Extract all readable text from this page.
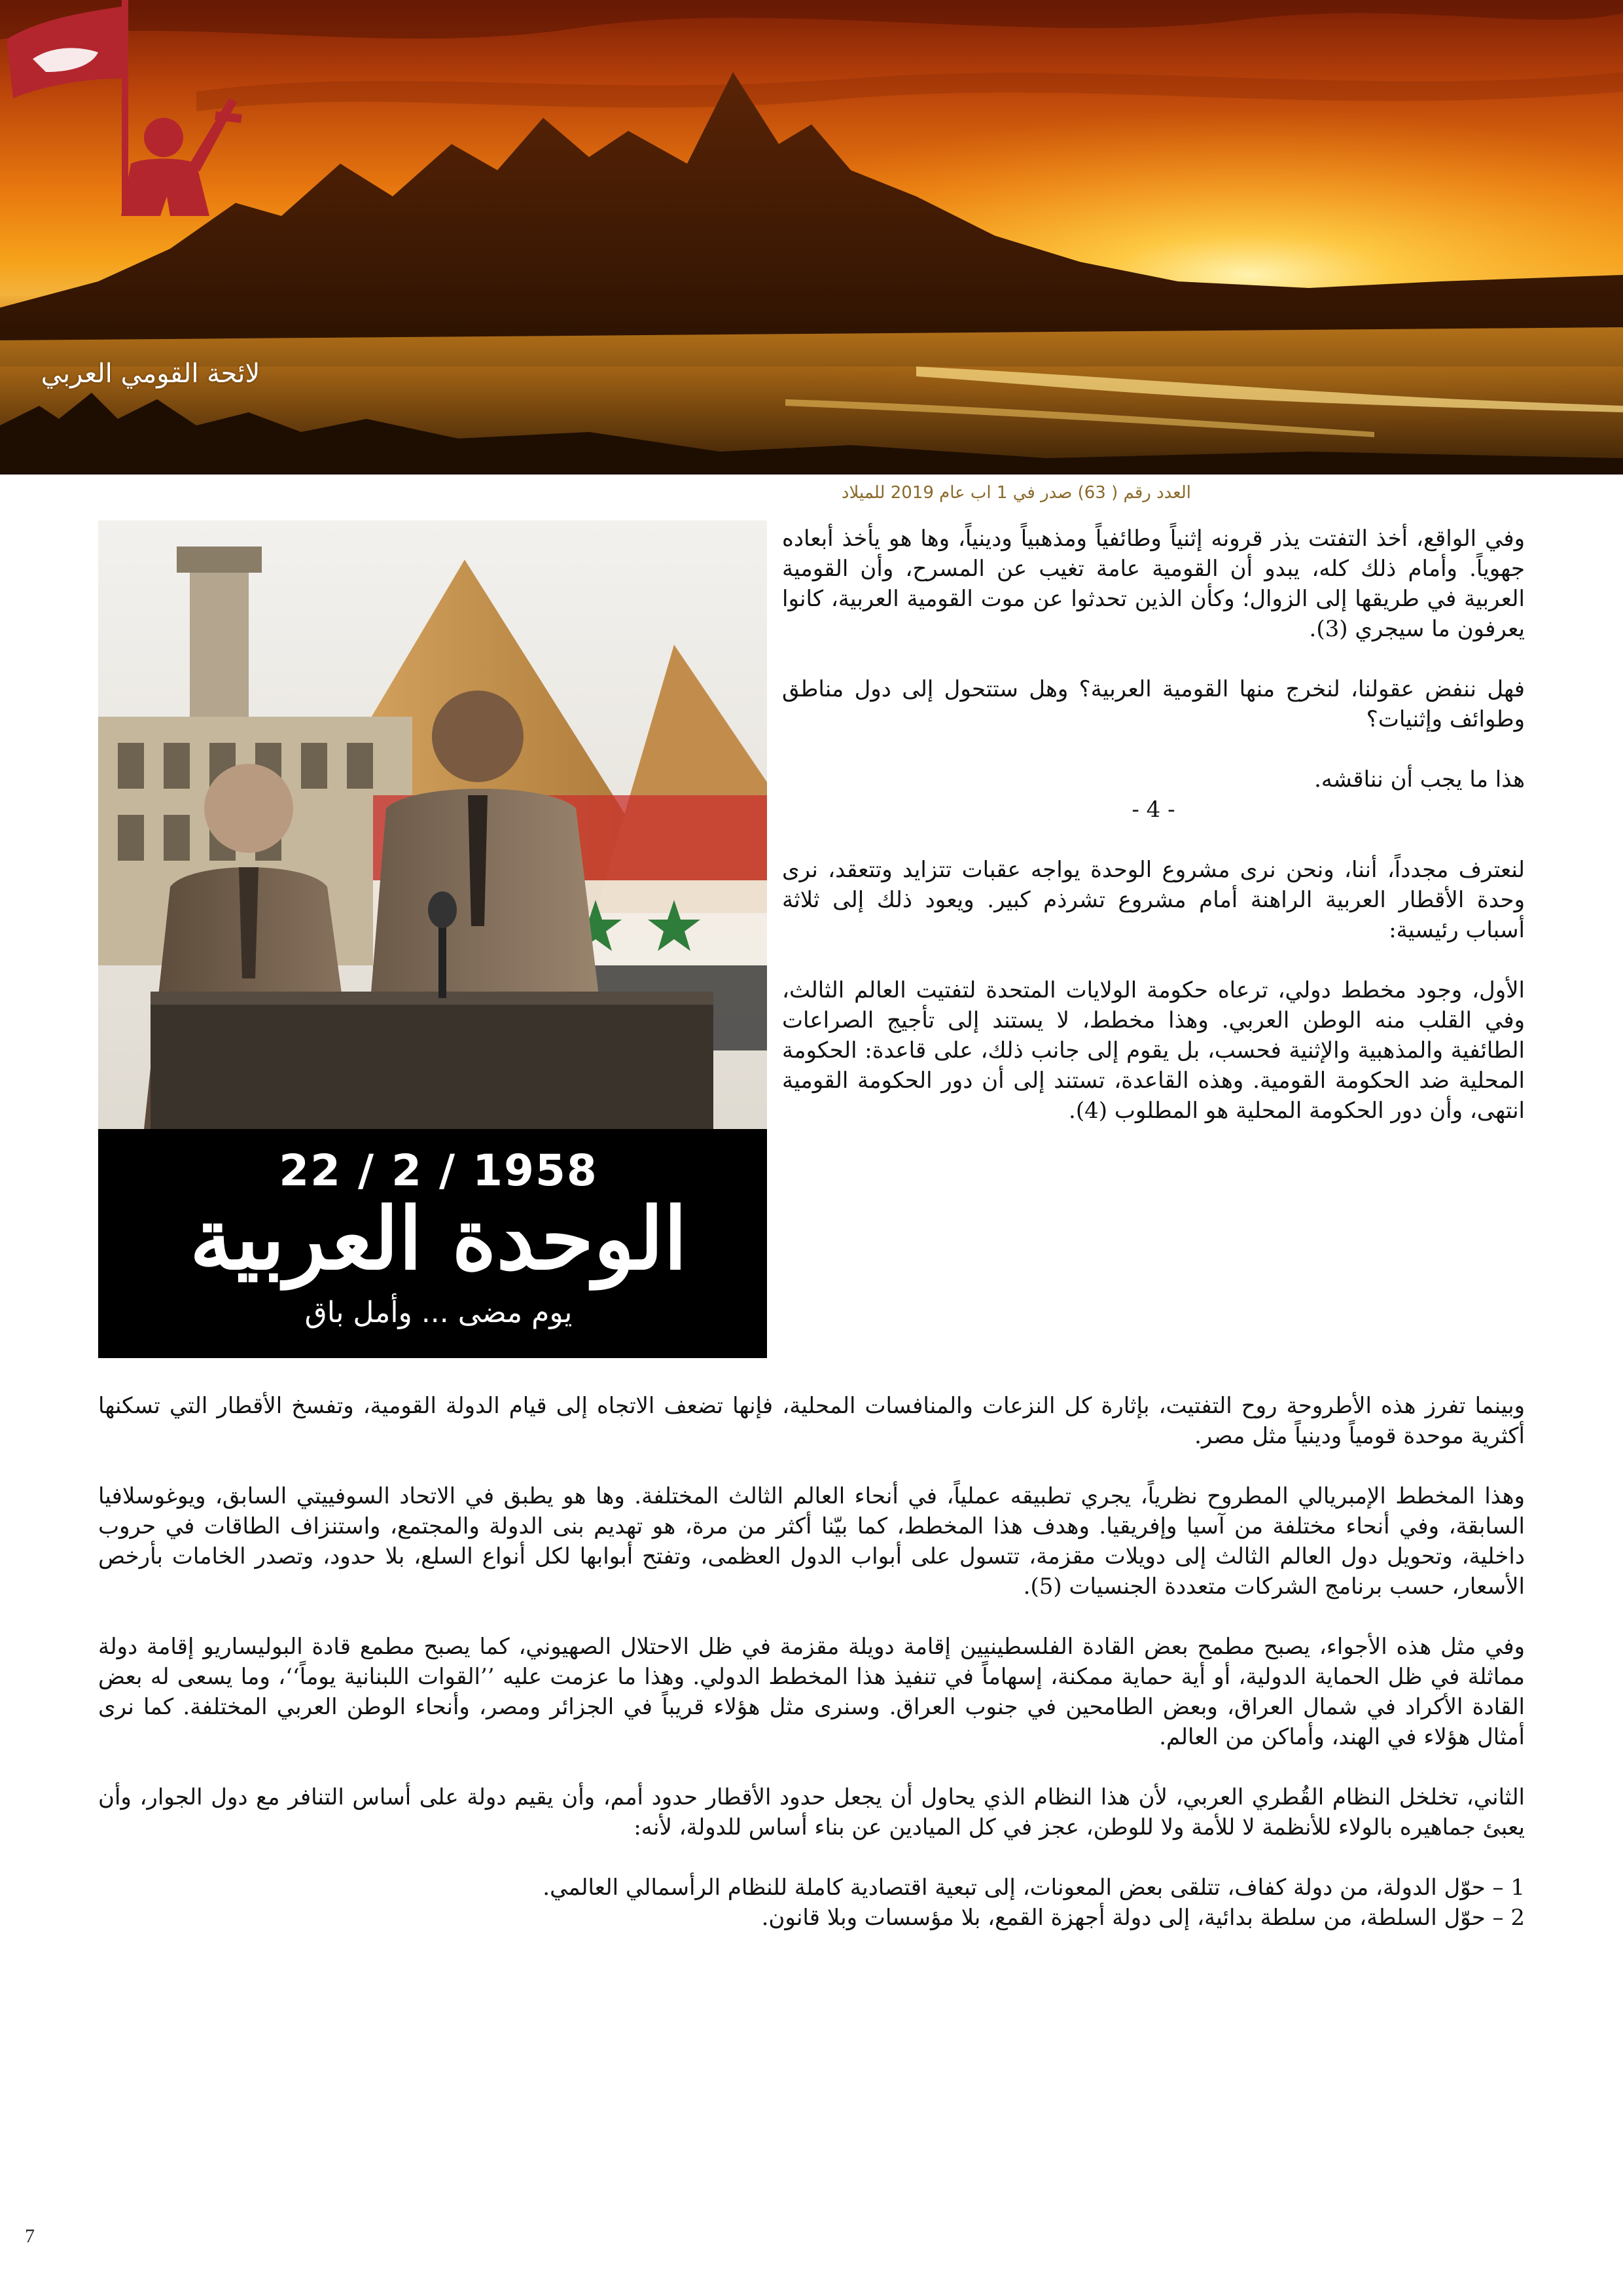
لائحة القومي العربي
العدد رقم ( 63) صدر في 1 اب عام 2019 للميلاد
22 / 2 / 1958
الوحدة العربية
يوم مضى ... وأمل باق

وفي الواقع، أخذ التفتت يذر قرونه إثنياً وطائفياً ومذهبياً ودينياً، وها هو يأخذ أبعاده جهوياً. وأمام ذلك كله، يبدو أن القومية عامة تغيب عن المسرح، وأن القومية العربية في طريقها إلى الزوال؛ وكأن الذين تحدثوا عن موت القومية العربية، كانوا يعرفون ما سيجري (3).

فهل ننفض عقولنا، لنخرج منها القومية العربية؟ وهل ستتحول إلى دول مناطق وطوائف وإثنيات؟

هذا ما يجب أن نناقشه.

- 4 -

لنعترف مجدداً، أننا، ونحن نرى مشروع الوحدة يواجه عقبات تتزايد وتتعقد، نرى وحدة الأقطار العربية الراهنة أمام مشروع تشرذم كبير. ويعود ذلك إلى ثلاثة أسباب رئيسية:

الأول، وجود مخطط دولي، ترعاه حكومة الولايات المتحدة لتفتيت العالم الثالث، وفي القلب منه الوطن العربي. وهذا مخطط، لا يستند إلى تأجيج الصراعات الطائفية والمذهبية والإثنية فحسب، بل يقوم إلى جانب ذلك، على قاعدة: الحكومة المحلية ضد الحكومة القومية. وهذه القاعدة، تستند إلى أن دور الحكومة القومية انتهى، وأن دور الحكومة المحلية هو المطلوب (4).

وبينما تفرز هذه الأطروحة روح التفتيت، بإثارة كل النزعات والمنافسات المحلية، فإنها تضعف الاتجاه إلى قيام الدولة القومية، وتفسخ الأقطار التي تسكنها أكثرية موحدة قومياً ودينياً مثل مصر.

وهذا المخطط الإمبريالي المطروح نظرياً، يجري تطبيقه عملياً، في أنحاء العالم الثالث المختلفة. وها هو يطبق في الاتحاد السوفييتي السابق، ويوغوسلافيا السابقة، وفي أنحاء مختلفة من آسيا وإفريقيا. وهدف هذا المخطط، كما بيّنا أكثر من مرة، هو تهديم بنى الدولة والمجتمع، واستنزاف الطاقات في حروب داخلية، وتحويل دول العالم الثالث إلى دويلات مقزمة، تتسول على أبواب الدول العظمى، وتفتح أبوابها لكل أنواع السلع، بلا حدود، وتصدر الخامات بأرخص الأسعار، حسب برنامج الشركات متعددة الجنسيات (5).

وفي مثل هذه الأجواء، يصبح مطمح بعض القادة الفلسطينيين إقامة دويلة مقزمة في ظل الاحتلال الصهيوني، كما يصبح مطمع قادة البوليساريو إقامة دولة مماثلة في ظل الحماية الدولية، أو أية حماية ممكنة، إسهاماً في تنفيذ هذا المخطط الدولي. وهذا ما عزمت عليه ’’القوات اللبنانية يوماً‘‘، وما يسعى له بعض القادة الأكراد في شمال العراق، وبعض الطامحين في جنوب العراق. وسنرى مثل هؤلاء قريباً في الجزائر ومصر، وأنحاء الوطن العربي المختلفة. كما نرى أمثال هؤلاء في الهند، وأماكن من العالم.

الثاني، تخلخل النظام القُطري العربي، لأن هذا النظام الذي يحاول أن يجعل حدود الأقطار حدود أمم، وأن يقيم دولة على أساس التنافر مع دول الجوار، وأن يعبئ جماهيره بالولاء للأنظمة لا للأمة ولا للوطن، عجز في كل الميادين عن بناء أساس للدولة، لأنه:

1 – حوّل الدولة، من دولة كفاف، تتلقى بعض المعونات، إلى تبعية اقتصادية كاملة للنظام الرأسمالي العالمي.
2 – حوّل السلطة، من سلطة بدائية، إلى دولة أجهزة القمع، بلا مؤسسات وبلا قانون.
7
